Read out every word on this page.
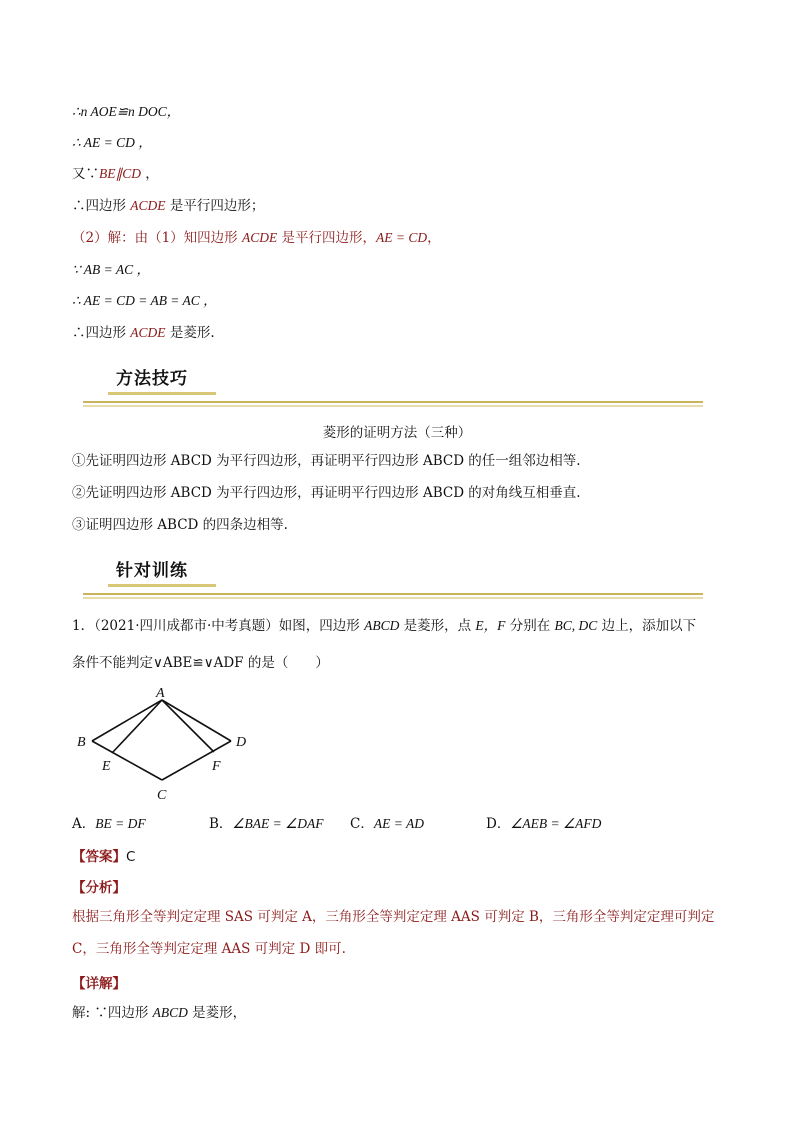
∴n AOE≌n DOC，
∴ AE = CD ，
又∵BE∥CD ，
∴四边形 ACDE 是平行四边形；
（2）解：由（1）知四边形 ACDE 是平行四边形，AE = CD，
∵ AB = AC ，
∴ AE = CD = AB = AC ，
∴四边形 ACDE 是菱形.
方法技巧
菱形的证明方法（三种）
①先证明四边形 ABCD 为平行四边形，再证明平行四边形 ABCD 的任一组邻边相等.
②先证明四边形 ABCD 为平行四边形，再证明平行四边形 ABCD 的对角线互相垂直.
③证明四边形 ABCD 的四条边相等.
针对训练
1．（2021·四川成都市·中考真题）如图，四边形 ABCD 是菱形，点 E，F 分别在 BC, DC 边上，添加以下
条件不能判定∨ABE≌∨ADF 的是（　　）
A
B	D
E	F
C
A．BE = DF	B．∠BAE = ∠DAF C．AE = AD	D．∠AEB = ∠AFD
【答案】C
【分析】
根据三角形全等判定定理 SAS 可判定 A，三角形全等判定定理 AAS 可判定 B，三角形全等判定定理可判定
C，三角形全等判定定理 AAS 可判定 D 即可.
【详解】
解: ∵四边形 ABCD 是菱形，
